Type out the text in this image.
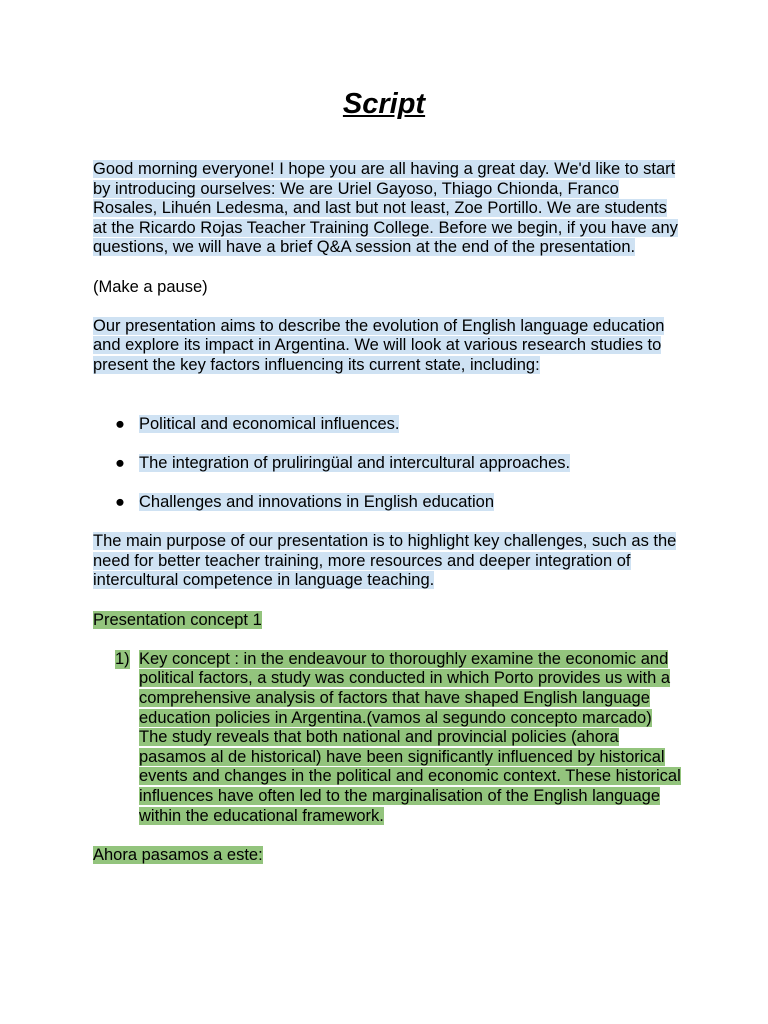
Script

Good morning everyone! I hope you are all having a great day. We'd like to start by introducing ourselves: We are Uriel Gayoso, Thiago Chionda, Franco Rosales, Lihuén Ledesma, and last but not least, Zoe Portillo. We are students at the Ricardo Rojas Teacher Training College. Before we begin, if you have any questions, we will have a brief Q&A session at the end of the presentation.

(Make a pause)

Our presentation aims to describe the evolution of English language education and explore its impact in Argentina. We will look at various research studies to present the key factors influencing its current state, including:

● Political and economical influences.
● The integration of pruliringüal and intercultural approaches.
● Challenges and innovations in English education

The main purpose of our presentation is to highlight key challenges, such as the need for better teacher training, more resources and deeper integration of intercultural competence in language teaching.

Presentation concept 1

1) Key concept : in the endeavour to thoroughly examine the economic and political factors, a study was conducted in which Porto provides us with a comprehensive analysis of factors that have shaped English language education policies in Argentina.(vamos al segundo concepto marcado) The study reveals that both national and provincial policies (ahora pasamos al de historical) have been significantly influenced by historical events and changes in the political and economic context. These historical influences have often led to the marginalisation of the English language within the educational framework.

Ahora pasamos a este:
